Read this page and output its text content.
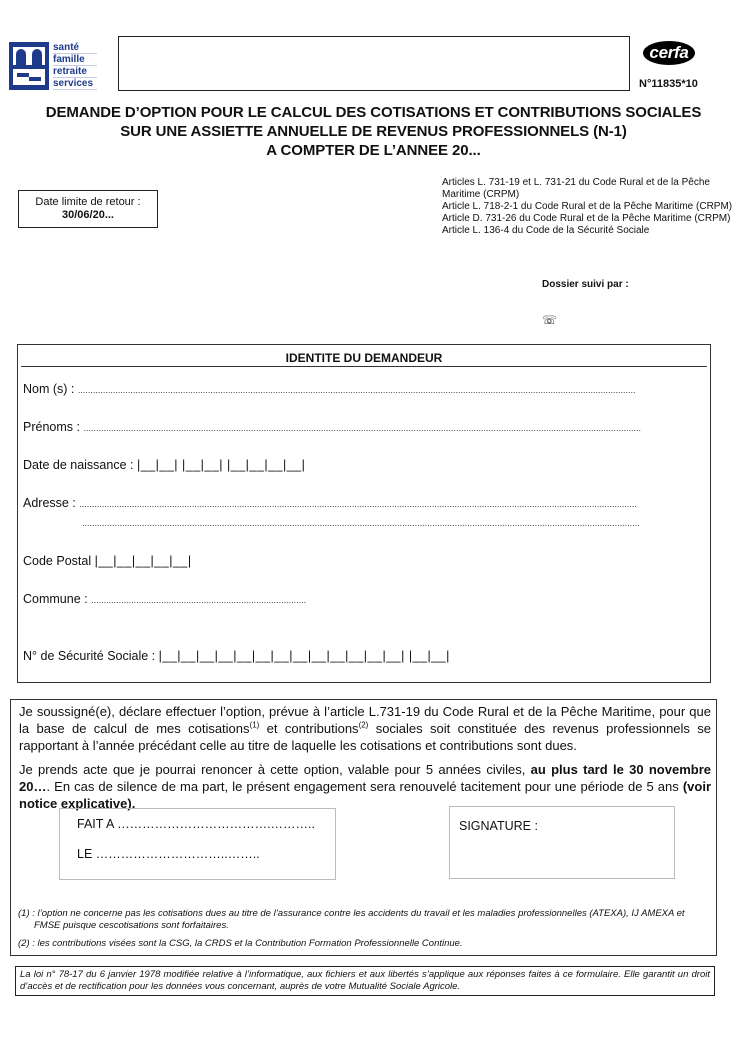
santé
famille
retraite
services
cerfa
N°11835*10
DEMANDE D’OPTION POUR LE CALCUL DES COTISATIONS ET CONTRIBUTIONS SOCIALES
SUR UNE ASSIETTE ANNUELLE DE REVENUS PROFESSIONNELS (N-1)
A COMPTER DE L’ANNEE 20...
Date limite de retour :
30/06/20...
Articles L. 731-19 et L. 731-21 du Code Rural et de la Pêche Maritime (CRPM)
Article L. 718-2-1 du Code Rural et de la Pêche Maritime (CRPM)
Article D. 731-26 du Code Rural et de la Pêche Maritime (CRPM)
Article L. 136-4 du Code de la Sécurité Sociale
Dossier suivi par :
☏
IDENTITE DU DEMANDEUR
Nom (s) : ...............................................................................................................................................................................................................................
Prénoms : ...............................................................................................................................................................................................................................
Date de naissance : |__|__| |__|__| |__|__|__|__|
Adresse : ...............................................................................................................................................................................................................................
...............................................................................................................................................................................................................................
Code Postal |__|__|__|__|__|
Commune : ......................................................................................
N° de Sécurité Sociale : |__|__|__|__|__|__|__|__|__|__|__|__|__| |__|__|

Je soussigné(e), déclare effectuer l’option, prévue à l’article L.731-19 du Code Rural et de la Pêche Maritime, pour que la base de calcul de mes cotisations$^{(1)}$ et contributions$^{(2)}$ sociales soit constituée des revenus professionnels se rapportant à l’année précédant celle au titre de laquelle les cotisations et contributions sont dues.

Je prends acte que je pourrai renoncer à cette option, valable pour 5 années civiles, au plus tard le 30 novembre 20…. En cas de silence de ma part, le présent engagement sera renouvelé tacitement pour une période de 5 ans (voir notice explicative).

FAIT A ……………………………….………..
LE …………………………..……..
SIGNATURE :

(1) : l’option ne concerne pas les cotisations dues au titre de l’assurance contre les accidents du travail et les maladies professionnelles (ATEXA), IJ AMEXA et FMSE puisque cescotisations sont forfaitaires.

(2) : les contributions visées sont la CSG, la CRDS et la Contribution Formation Professionnelle Continue.

La loi n° 78-17 du 6 janvier 1978 modifiée relative à l’informatique, aux fichiers et aux libertés s’applique aux réponses faites à ce formulaire. Elle garantit un droit d’accès et de rectification pour les données vous concernant, auprès de votre Mutualité Sociale Agricole.
